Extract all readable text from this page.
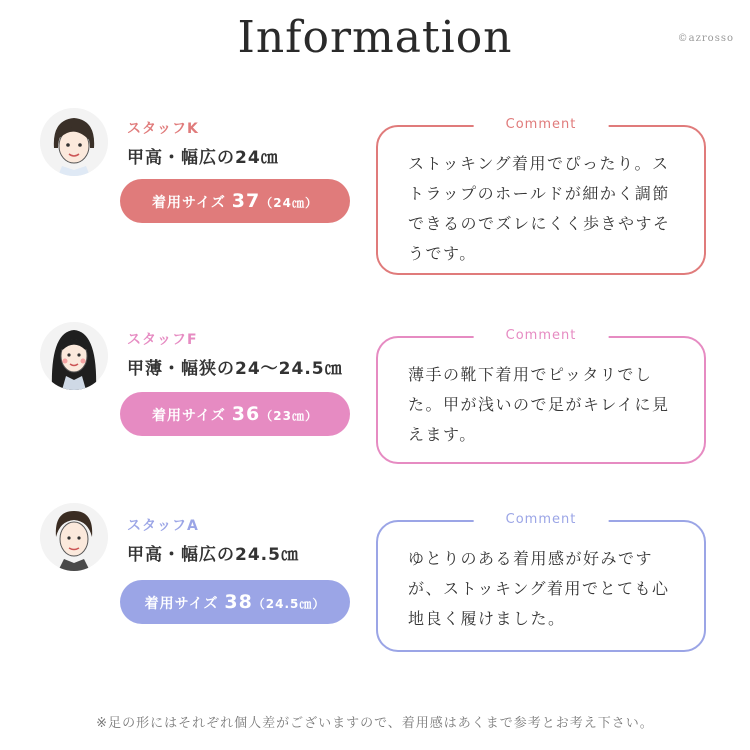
Information	©azrosso
スタッフK
甲高・幅広の24㎝
着用サイズ 37（24㎝）
Comment
ストッキング着用でぴったり。ストラップのホールドが細かく調節できるのでズレにくく歩きやすそうです。
スタッフF
甲薄・幅狭の24〜24.5㎝
着用サイズ 36（23㎝）
Comment
薄手の靴下着用でピッタリでした。甲が浅いので足がキレイに見えます。
スタッフA
甲高・幅広の24.5㎝
着用サイズ 38（24.5㎝）
Comment
ゆとりのある着用感が好みですが、ストッキング着用でとても心地良く履けました。
※足の形にはそれぞれ個人差がございますので、着用感はあくまで参考とお考え下さい。
